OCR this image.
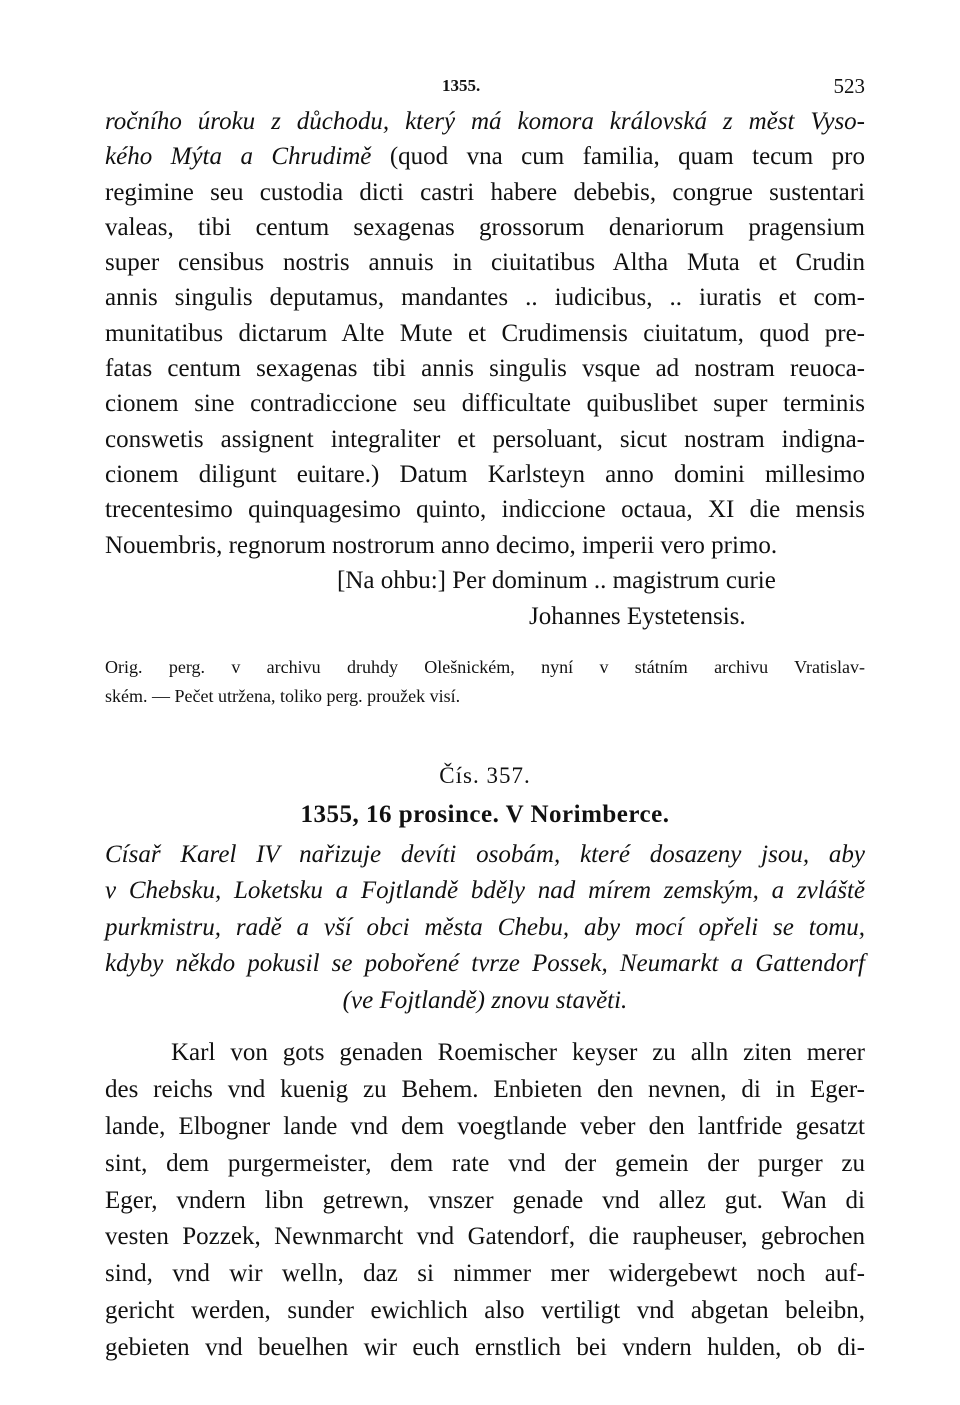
1355.	523
ročního úroku z důchodu, který má komora královská z měst Vyso-
kého Mýta a Chrudimě (quod vna cum familia, quam tecum pro
regimine seu custodia dicti castri habere debebis, congrue sustentari
valeas, tibi centum sexagenas grossorum denariorum pragensium
super censibus nostris annuis in ciuitatibus Altha Muta et Crudin
annis singulis deputamus, mandantes .. iudicibus, .. iuratis et com-
munitatibus dictarum Alte Mute et Crudimensis ciuitatum, quod pre-
fatas centum sexagenas tibi annis singulis vsque ad nostram reuoca-
cionem sine contradiccione seu difficultate quibuslibet super terminis
conswetis assignent integraliter et persoluant, sicut nostram indigna-
cionem diligunt euitare.) Datum Karlsteyn anno domini millesimo
trecentesimo quinquagesimo quinto, indiccione octaua, XI die mensis
Nouembris, regnorum nostrorum anno decimo, imperii vero primo.
[Na ohbu:] Per dominum .. magistrum curie
Johannes Eystetensis.
Orig. perg. v archivu druhdy Olešnickém, nyní v státním archivu Vratislav-
ském. — Pečet utržena, toliko perg. proužek visí.
Čís. 357.
1355, 16 prosince. V Norimberce.
Císař Karel IV nařizuje devíti osobám, které dosazeny jsou, aby
v Chebsku, Loketsku a Fojtlandě bděly nad mírem zemským, a zvláště
purkmistru, radě a vší obci města Chebu, aby mocí opřeli se tomu,
kdyby někdo pokusil se pobořené tvrze Possek, Neumarkt a Gattendorf
(ve Fojtlandě) znovu stavěti.
Karl von gots genaden Roemischer keyser zu alln ziten merer
des reichs vnd kuenig zu Behem. Enbieten den nevnen, di in Eger-
lande, Elbogner lande vnd dem voegtlande veber den lantfride gesatzt
sint, dem purgermeister, dem rate vnd der gemein der purger zu
Eger, vndern libn getrewn, vnszer genade vnd allez gut. Wan di
vesten Pozzek, Newnmarcht vnd Gatendorf, die raupheuser, gebrochen
sind, vnd wir welln, daz si nimmer mer widergebewt noch auf-
gericht werden, sunder ewichlich also vertiligt vnd abgetan beleibn,
gebieten vnd beuelhen wir euch ernstlich bei vndern hulden, ob di-
